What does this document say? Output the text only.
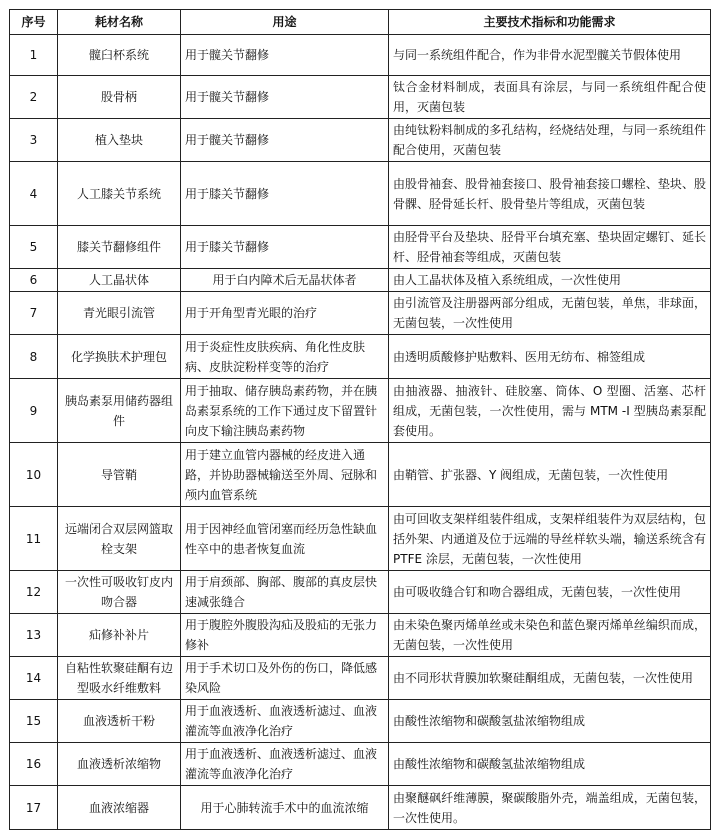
序号	耗材名称	用途	主要技术指标和功能需求
1	髋臼杯系统	用于髋关节翻修	与同一系统组件配合，作为非骨水泥型髋关节假体使用
2	股骨柄	用于髋关节翻修	钛合金材料制成，表面具有涂层，与同一系统组件配合使用，灭菌包装
3	植入垫块	用于髋关节翻修	由纯钛粉料制成的多孔结构，经烧结处理，与同一系统组件配合使用，灭菌包装
4	人工膝关节系统	用于膝关节翻修	由股骨袖套、股骨袖套接口、股骨袖套接口螺栓、垫块、股骨髁、胫骨延长杆、股骨垫片等组成，灭菌包装
5	膝关节翻修组件	用于膝关节翻修	由胫骨平台及垫块、胫骨平台填充塞、垫块固定螺钉、延长杆、胫骨袖套等组成，灭菌包装
6	人工晶状体	用于白内障术后无晶状体者	由人工晶状体及植入系统组成，一次性使用
7	青光眼引流管	用于开角型青光眼的治疗	由引流管及注册器两部分组成，无菌包装，单焦，非球面，无菌包装，一次性使用
8	化学换肤术护理包	用于炎症性皮肤疾病、角化性皮肤病、皮肤淀粉样变等的治疗	由透明质酸修护贴敷料、医用无纺布、棉签组成
9	胰岛素泵用储药器组件	用于抽取、储存胰岛素药物，并在胰岛素泵系统的工作下通过皮下留置针向皮下输注胰岛素药物	由抽液器、抽液针、硅胶塞、筒体、O 型圈、活塞、芯杆组成，无菌包装，一次性使用，需与 MTM -I 型胰岛素泵配套使用。
10	导管鞘	用于建立血管内器械的经皮进入通路，并协助器械输送至外周、冠脉和颅内血管系统	由鞘管、扩张器、Y 阀组成，无菌包装，一次性使用
11	远端闭合双层网篮取栓支架	用于因神经血管闭塞而经历急性缺血性卒中的患者恢复血流	由可回收支架样组装件组成，支架样组装件为双层结构，包括外架、内通道及位于远端的导丝样软头端，输送系统含有 PTFE 涂层，无菌包装，一次性使用
12	一次性可吸收钉皮内吻合器	用于肩颈部、胸部、腹部的真皮层快速减张缝合	由可吸收缝合钉和吻合器组成，无菌包装，一次性使用
13	疝修补补片	用于腹腔外腹股沟疝及股疝的无张力修补	由未染色聚丙烯单丝或未染色和蓝色聚丙烯单丝编织而成，无菌包装，一次性使用
14	自粘性软聚硅酮有边型吸水纤维敷料	用于手术切口及外伤的伤口，降低感染风险	由不同形状背膜加软聚硅酮组成，无菌包装，一次性使用
15	血液透析干粉	用于血液透析、血液透析滤过、血液灌流等血液净化治疗	由酸性浓缩物和碳酸氢盐浓缩物组成
16	血液透析浓缩物	用于血液透析、血液透析滤过、血液灌流等血液净化治疗	由酸性浓缩物和碳酸氢盐浓缩物组成
17	血液浓缩器	用于心肺转流手术中的血流浓缩	由聚醚砜纤维薄膜，聚碳酸脂外壳，端盖组成，无菌包装，一次性使用。
